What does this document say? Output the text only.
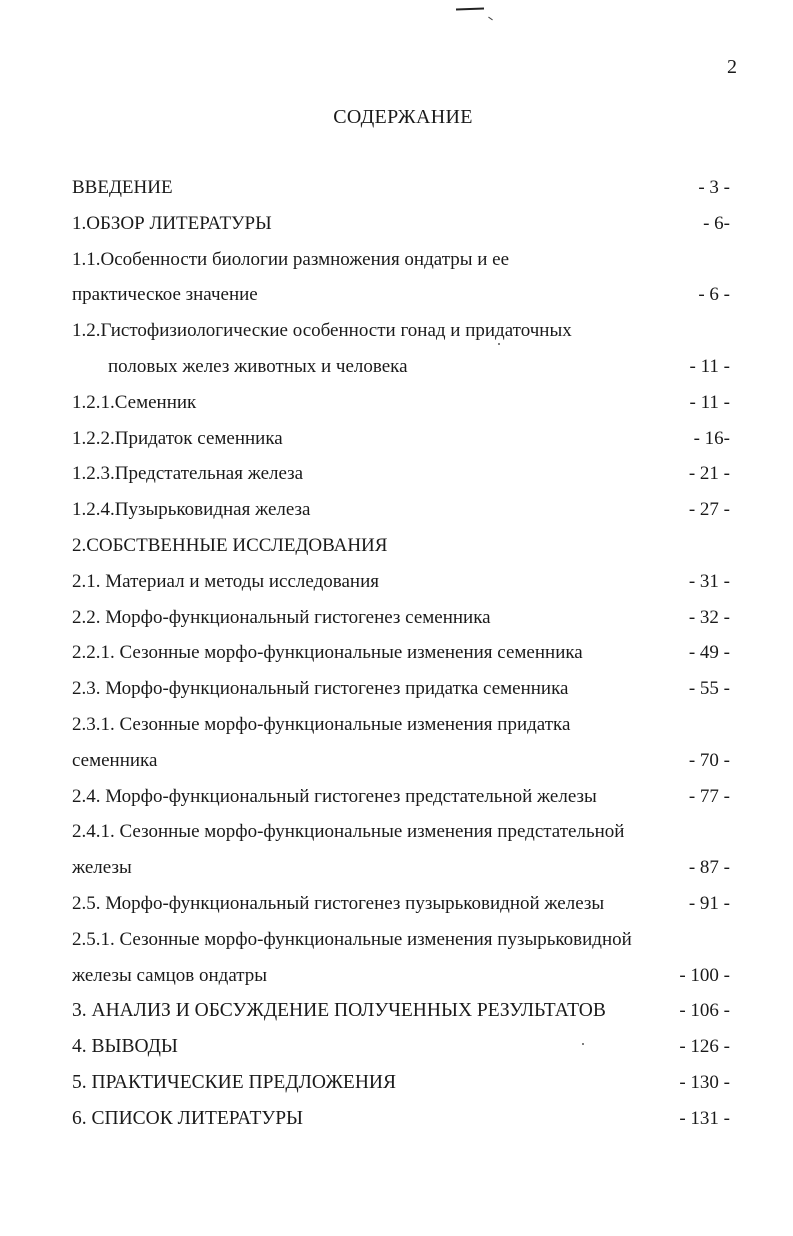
2
СОДЕРЖАНИЕ
ВВЕДЕНИЕ	- 3 -
1.ОБЗОР ЛИТЕРАТУРЫ	- 6-
1.1.Особенности биологии размножения ондатры и ее
практическое значение	- 6 -
1.2.Гистофизиологические особенности гонад и придаточных
половых желез животных и человека	- 11 -
1.2.1.Семенник	- 11 -
1.2.2.Придаток семенника	- 16-
1.2.3.Предстательная железа	- 21 -
1.2.4.Пузырьковидная железа	- 27 -
2.СОБСТВЕННЫЕ ИССЛЕДОВАНИЯ
2.1. Материал и методы исследования	- 31 -
2.2. Морфо-функциональный гистогенез семенника	- 32 -
2.2.1. Сезонные морфо-функциональные изменения семенника	- 49 -
2.3. Морфо-функциональный гистогенез придатка семенника	- 55 -
2.3.1. Сезонные морфо-функциональные изменения придатка
семенника	- 70 -
2.4. Морфо-функциональный гистогенез предстательной железы	- 77 -
2.4.1. Сезонные морфо-функциональные изменения предстательной
железы	- 87 -
2.5. Морфо-функциональный гистогенез пузырьковидной железы	- 91 -
2.5.1. Сезонные морфо-функциональные изменения пузырьковидной
железы самцов ондатры	- 100 -
3. АНАЛИЗ И ОБСУЖДЕНИЕ ПОЛУЧЕННЫХ РЕЗУЛЬТАТОВ	- 106 -
4. ВЫВОДЫ	- 126 -
5. ПРАКТИЧЕСКИЕ ПРЕДЛОЖЕНИЯ	- 130 -
6. СПИСОК ЛИТЕРАТУРЫ	- 131 -
